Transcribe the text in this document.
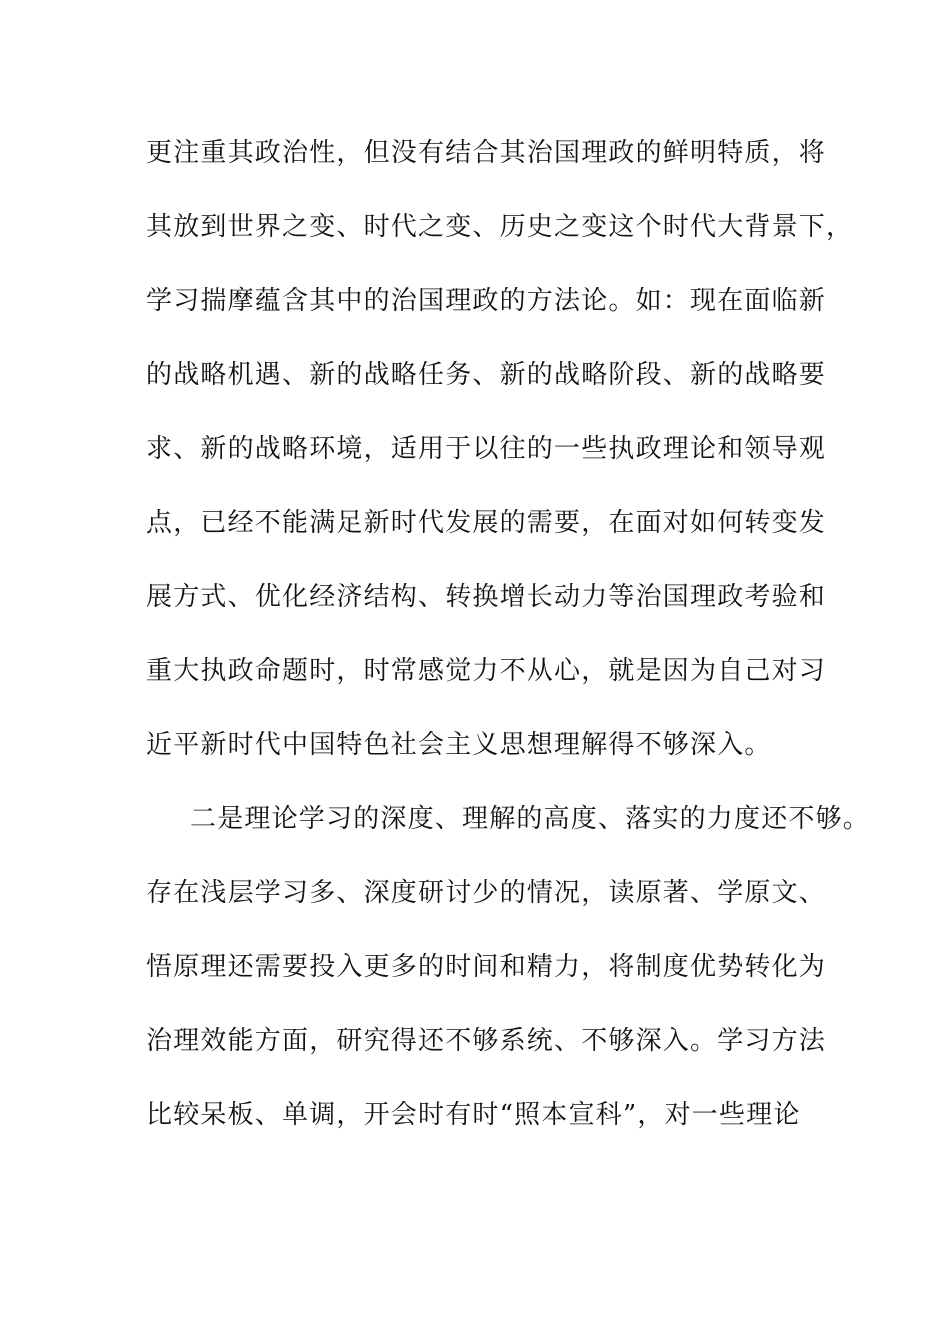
更注重其政治性，但没有结合其治国理政的鲜明特质，将
其放到世界之变、时代之变、历史之变这个时代大背景下，
学习揣摩蕴含其中的治国理政的方法论。如：现在面临新
的战略机遇、新的战略任务、新的战略阶段、新的战略要
求、新的战略环境，适用于以往的一些执政理论和领导观
点，已经不能满足新时代发展的需要，在面对如何转变发
展方式、优化经济结构、转换增长动力等治国理政考验和
重大执政命题时，时常感觉力不从心，就是因为自己对习
近平新时代中国特色社会主义思想理解得不够深入。
二是理论学习的深度、理解的高度、落实的力度还不够。
存在浅层学习多、深度研讨少的情况，读原著、学原文、
悟原理还需要投入更多的时间和精力，将制度优势转化为
治理效能方面，研究得还不够系统、不够深入。学习方法
比较呆板、单调，开会时有时“照本宣科”，对一些理论
